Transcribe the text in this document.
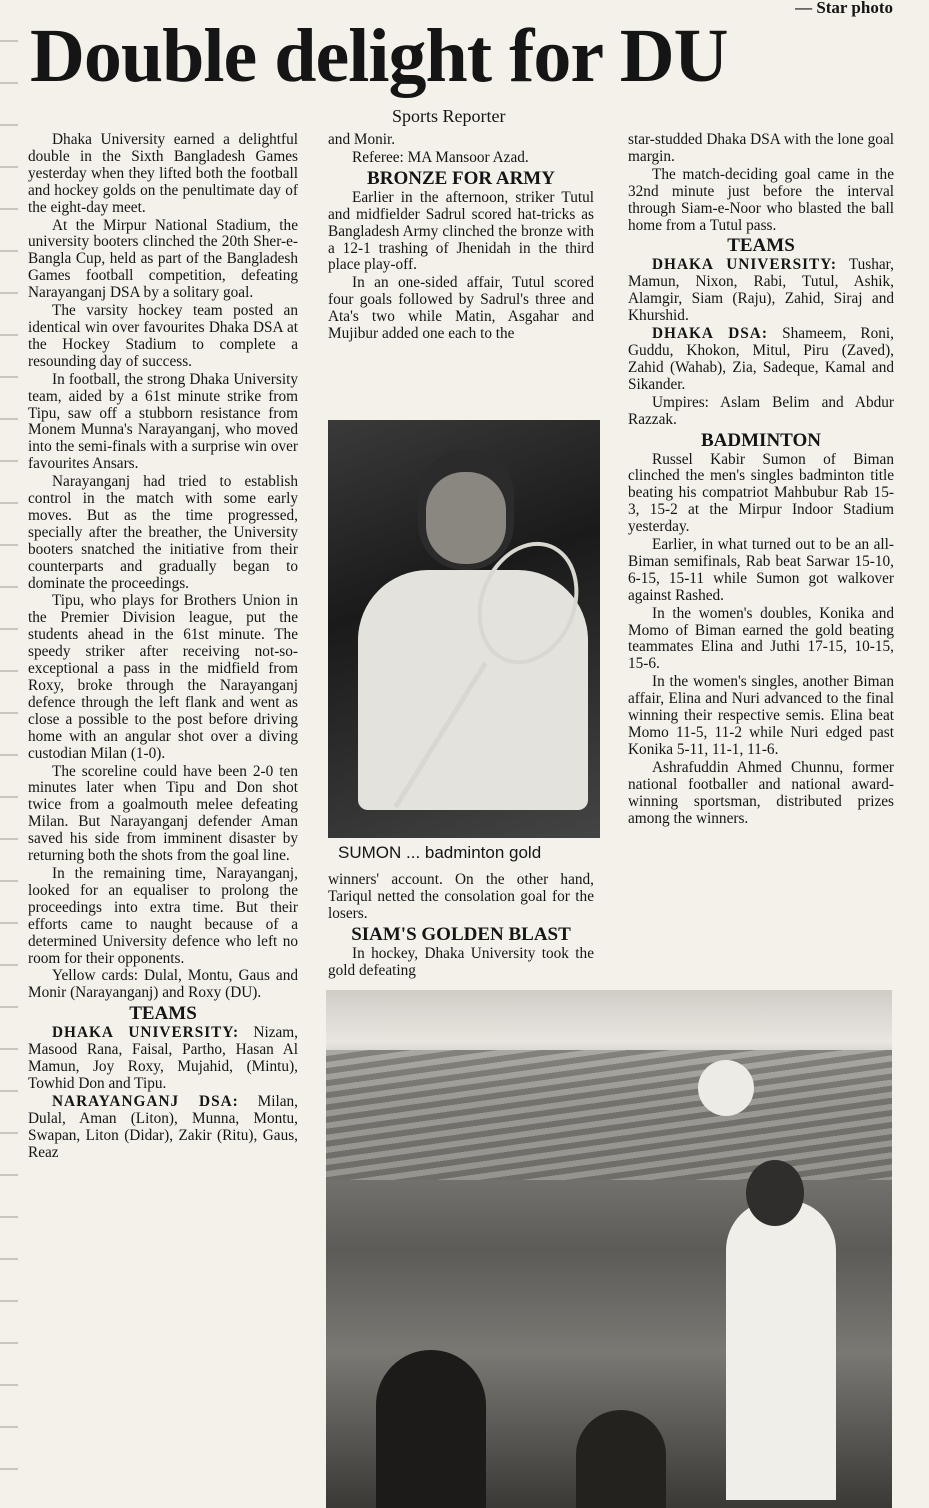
— Star photo
Double delight for DU
Sports Reporter

Dhaka University earned a delightful double in the Sixth Bangladesh Games yesterday when they lifted both the football and hockey golds on the penultimate day of the eight-day meet.

At the Mirpur National Stadium, the university booters clinched the 20th Sher-e-Bangla Cup, held as part of the Bangladesh Games football competition, defeating Narayanganj DSA by a solitary goal.

The varsity hockey team posted an identical win over favourites Dhaka DSA at the Hockey Stadium to complete a resounding day of success.

In football, the strong Dhaka University team, aided by a 61st minute strike from Tipu, saw off a stubborn resistance from Monem Munna's Narayanganj, who moved into the semi-finals with a surprise win over favourites Ansars.

Narayanganj had tried to establish control in the match with some early moves. But as the time progressed, specially after the breather, the University booters snatched the initiative from their counterparts and gradually began to dominate the proceedings.

Tipu, who plays for Brothers Union in the Premier Division league, put the students ahead in the 61st minute. The speedy striker after receiving not-so-exceptional a pass in the midfield from Roxy, broke through the Narayanganj defence through the left flank and went as close a possible to the post before driving home with an angular shot over a diving custodian Milan (1-0).

The scoreline could have been 2-0 ten minutes later when Tipu and Don shot twice from a goalmouth melee defeating Milan. But Narayanganj defender Aman saved his side from imminent disaster by returning both the shots from the goal line.

In the remaining time, Narayanganj, looked for an equaliser to prolong the proceedings into extra time. But their efforts came to naught because of a determined University defence who left no room for their opponents.

Yellow cards: Dulal, Montu, Gaus and Monir (Narayanganj) and Roxy (DU).

TEAMS

DHAKA UNIVERSITY: Nizam, Masood Rana, Faisal, Partho, Hasan Al Mamun, Joy Roxy, Mujahid, (Mintu), Towhid Don and Tipu.

NARAYANGANJ DSA: Milan, Dulal, Aman (Liton), Munna, Montu, Swapan, Liton (Didar), Zakir (Ritu), Gaus, Reaz

and Monir.

Referee: MA Mansoor Azad.

BRONZE FOR ARMY

Earlier in the afternoon, striker Tutul and midfielder Sadrul scored hat-tricks as Bangladesh Army clinched the bronze with a 12-1 trashing of Jhenidah in the third place play-off.

In an one-sided affair, Tutul scored four goals followed by Sadrul's three and Ata's two while Matin, Asgahar and Mujibur added one each to the

SUMON ... badminton gold

winners' account. On the other hand, Tariqul netted the consolation goal for the losers.

SIAM'S GOLDEN BLAST

In hockey, Dhaka University took the gold defeating

star-studded Dhaka DSA with the lone goal margin.

The match-deciding goal came in the 32nd minute just before the interval through Siam-e-Noor who blasted the ball home from a Tutul pass.

TEAMS

DHAKA UNIVERSITY: Tushar, Mamun, Nixon, Rabi, Tutul, Ashik, Alamgir, Siam (Raju), Zahid, Siraj and Khurshid.

DHAKA DSA: Shameem, Roni, Guddu, Khokon, Mitul, Piru (Zaved), Zahid (Wahab), Zia, Sadeque, Kamal and Sikander.

Umpires: Aslam Belim and Abdur Razzak.

BADMINTON

Russel Kabir Sumon of Biman clinched the men's singles badminton title beating his compatriot Mahbubur Rab 15-3, 15-2 at the Mirpur Indoor Stadium yesterday.

Earlier, in what turned out to be an all-Biman semifinals, Rab beat Sarwar 15-10, 6-15, 15-11 while Sumon got walkover against Rashed.

In the women's doubles, Konika and Momo of Biman earned the gold beating teammates Elina and Juthi 17-15, 10-15, 15-6.

In the women's singles, another Biman affair, Elina and Nuri advanced to the final winning their respective semis. Elina beat Momo 11-5, 11-2 while Nuri edged past Konika 5-11, 11-1, 11-6.

Ashrafuddin Ahmed Chunnu, former national footballer and national award-winning sportsman, distributed prizes among the winners.
